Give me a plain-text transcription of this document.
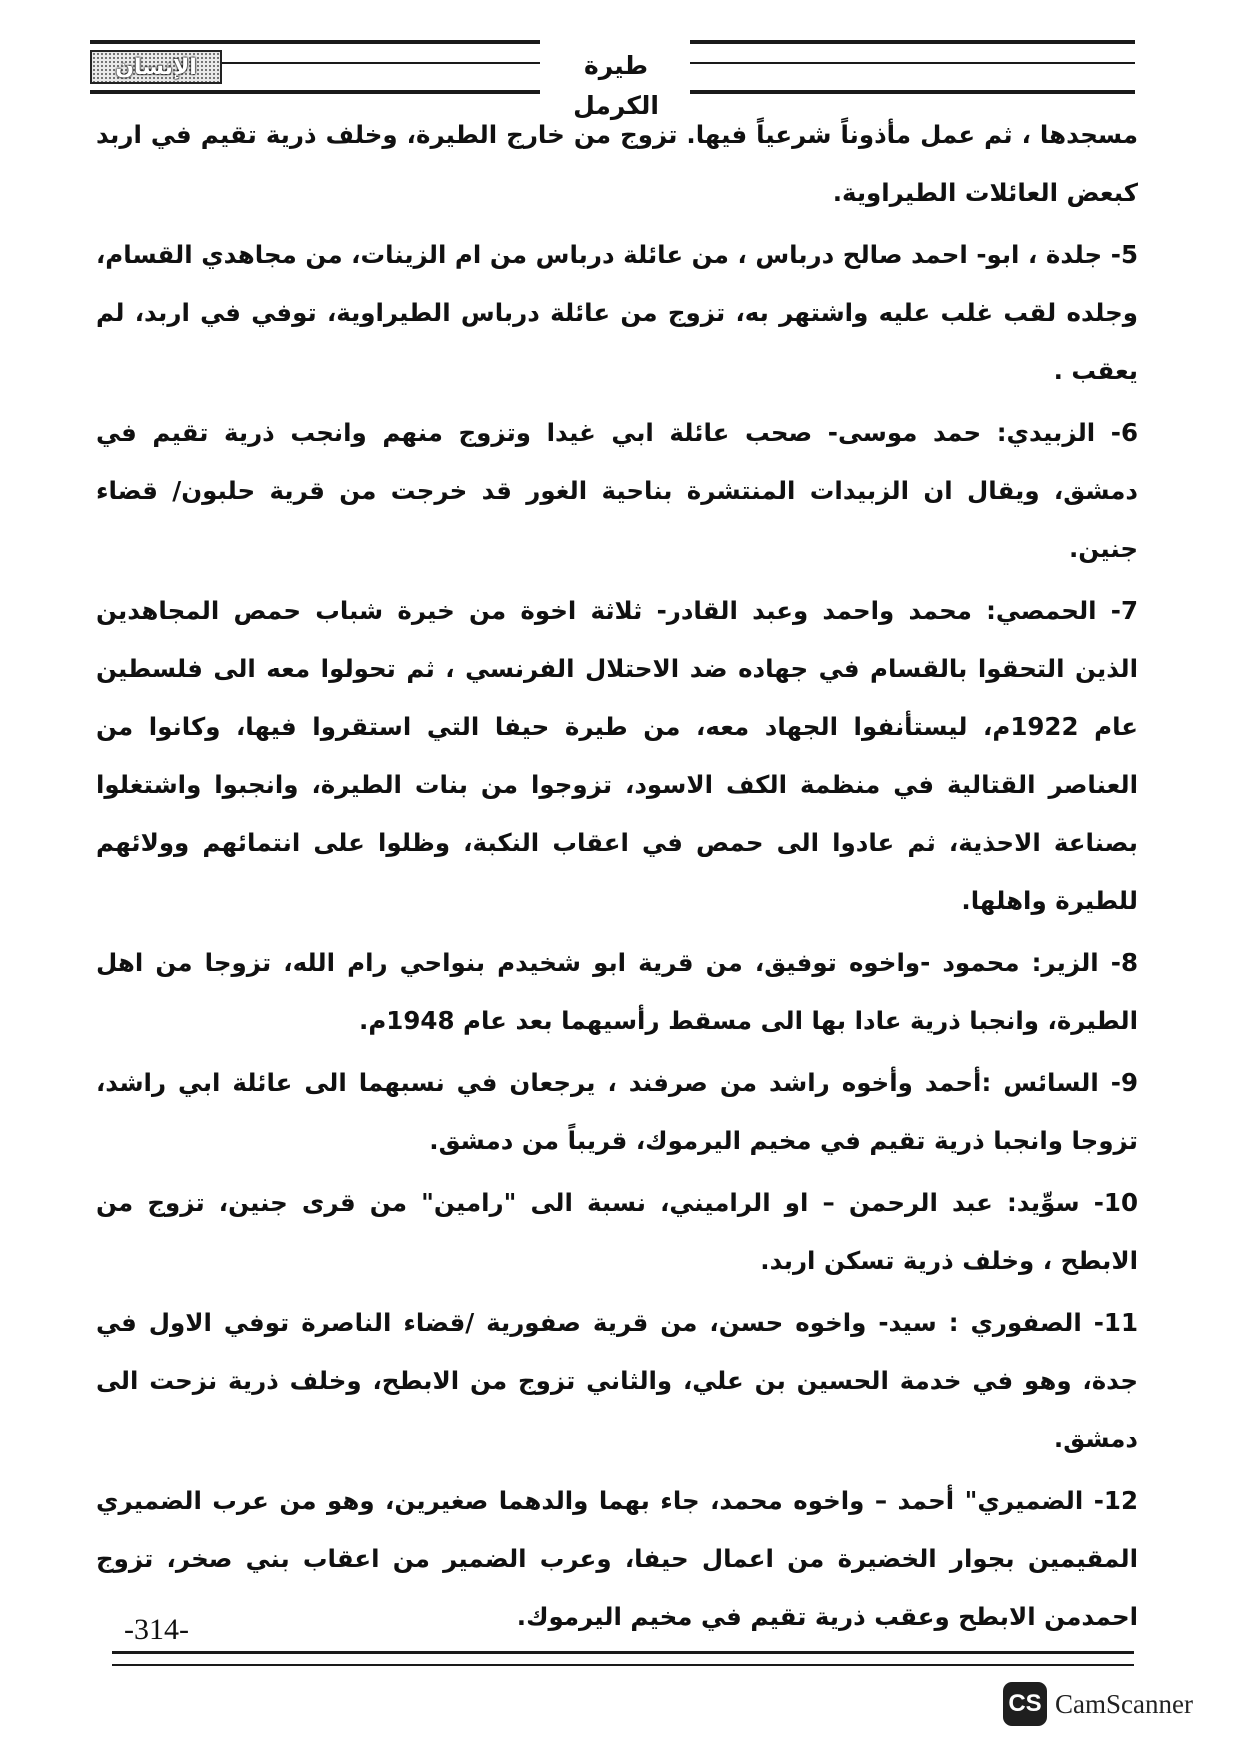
الإنسان	طيرة الكرمل

مسجدها ، ثم عمل مأذوناً شرعياً فيها. تزوج من خارج الطيرة، وخلف ذرية تقيم في اربد كبعض العائلات الطيراوية.

5- جلدة ، ابو- احمد صالح درباس ، من عائلة درباس من ام الزينات، من مجاهدي القسام، وجلده لقب غلب عليه واشتهر به، تزوج من عائلة درباس الطيراوية، توفي في اربد، لم يعقب .

6- الزبيدي: حمد موسى- صحب عائلة ابي غيدا وتزوج منهم وانجب ذرية تقيم في دمشق، ويقال ان الزبيدات المنتشرة بناحية الغور قد خرجت من قرية حلبون/ قضاء جنين.

7- الحمصي: محمد واحمد وعبد القادر- ثلاثة اخوة من خيرة شباب حمص المجاهدين الذين التحقوا بالقسام في جهاده ضد الاحتلال الفرنسي ، ثم تحولوا معه الى فلسطين عام 1922م، ليستأنفوا الجهاد معه، من طيرة حيفا التي استقروا فيها، وكانوا من العناصر القتالية في منظمة الكف الاسود، تزوجوا من بنات الطيرة، وانجبوا واشتغلوا بصناعة الاحذية، ثم عادوا الى حمص في اعقاب النكبة، وظلوا على انتمائهم وولائهم للطيرة واهلها.

8- الزير: محمود -واخوه توفيق، من قرية ابو شخيدم بنواحي رام الله، تزوجا من اهل الطيرة، وانجبا ذرية عادا بها الى مسقط رأسيهما بعد عام 1948م.

9- السائس :أحمد وأخوه راشد من صرفند ، يرجعان في نسبهما الى عائلة ابي راشد، تزوجا وانجبا ذرية تقيم في مخيم اليرموك، قريباً من دمشق.

10- سوِّيد: عبد الرحمن – او الراميني، نسبة الى "رامين" من قرى جنين، تزوج من الابطح ، وخلف ذرية تسكن اربد.

11- الصفوري : سيد- واخوه حسن، من قرية صفورية /قضاء الناصرة توفي الاول في جدة، وهو في خدمة الحسين بن علي، والثاني تزوج من الابطح، وخلف ذرية نزحت الى دمشق.

12- الضميري" أحمد – واخوه محمد، جاء بهما والدهما صغيرين، وهو من عرب الضميري المقيمين بجوار الخضيرة من اعمال حيفا، وعرب الضمير من اعقاب بني صخر، تزوج احمدمن الابطح وعقب ذرية تقيم في مخيم اليرموك.

-314-
CS CamScanner
